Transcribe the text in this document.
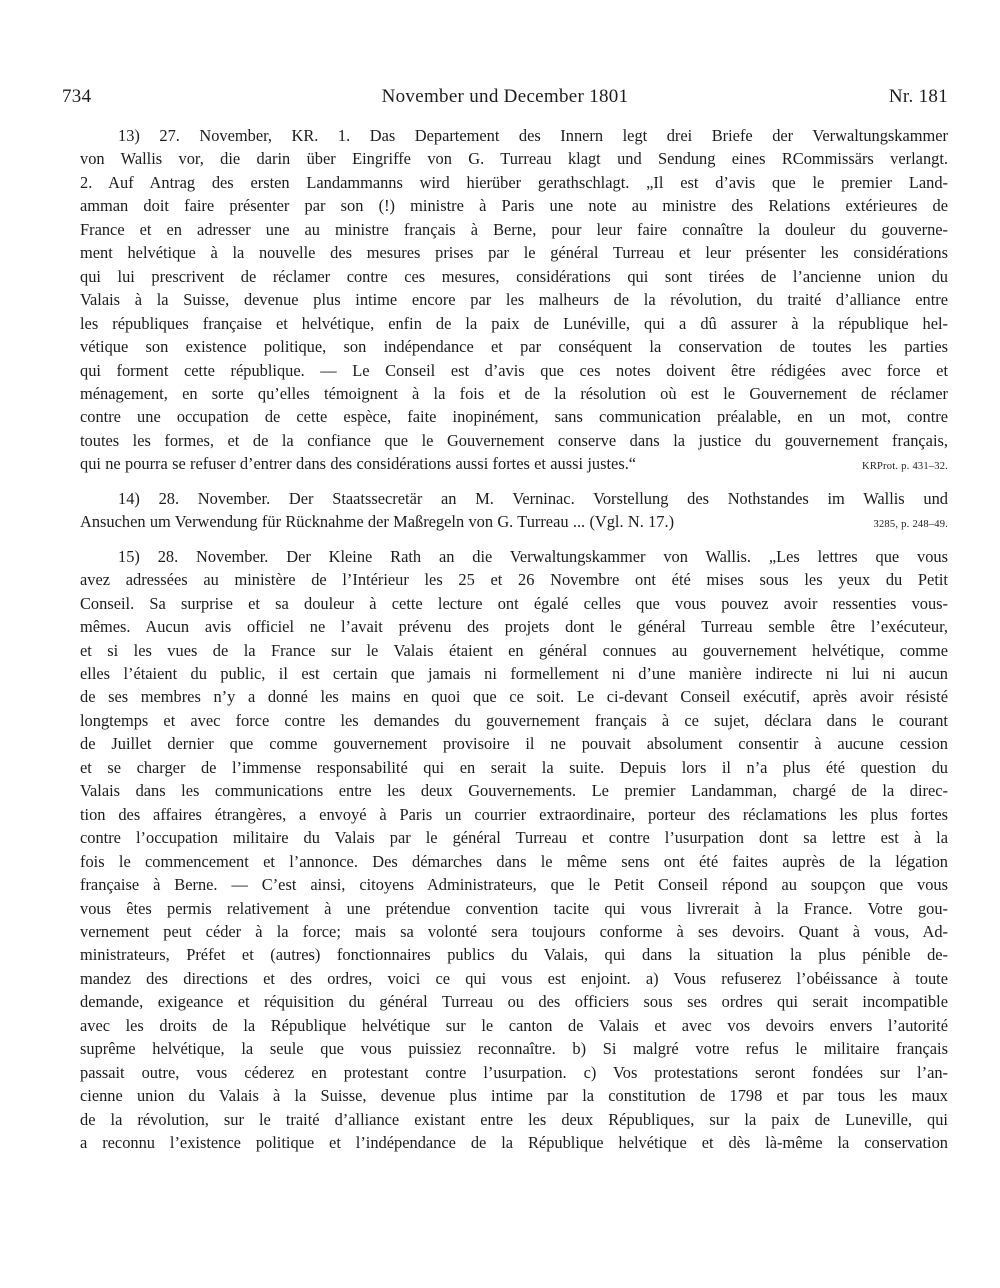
734	November und December 1801	Nr. 181
13) 27. November, KR. 1. Das Departement des Innern legt drei Briefe der Verwaltungskammer
von Wallis vor, die darin über Eingriffe von G. Turreau klagt und Sendung eines RCommissärs verlangt.
2. Auf Antrag des ersten Landammanns wird hierüber gerathschlagt. „Il est d’avis que le premier Land-
amman doit faire présenter par son (!) ministre à Paris une note au ministre des Relations extérieures de
France et en adresser une au ministre français à Berne, pour leur faire connaître la douleur du gouverne-
ment helvétique à la nouvelle des mesures prises par le général Turreau et leur présenter les considérations
qui lui prescrivent de réclamer contre ces mesures, considérations qui sont tirées de l’ancienne union du
Valais à la Suisse, devenue plus intime encore par les malheurs de la révolution, du traité d’alliance entre
les républiques française et helvétique, enfin de la paix de Lunéville, qui a dû assurer à la république hel-
vétique son existence politique, son indépendance et par conséquent la conservation de toutes les parties
qui forment cette république. — Le Conseil est d’avis que ces notes doivent être rédigées avec force et
ménagement, en sorte qu’elles témoignent à la fois et de la résolution où est le Gouvernement de réclamer
contre une occupation de cette espèce, faite inopinément, sans communication préalable, en un mot, contre
toutes les formes, et de la confiance que le Gouvernement conserve dans la justice du gouvernement français,
qui ne pourra se refuser d’entrer dans des considérations aussi fortes et aussi justes.“	KRProt. p. 431–32.
14) 28. November. Der Staatssecretär an M. Verninac. Vorstellung des Nothstandes im Wallis und
Ansuchen um Verwendung für Rücknahme der Maßregeln von G. Turreau ... (Vgl. N. 17.)	3285, p. 248–49.
15) 28. November. Der Kleine Rath an die Verwaltungskammer von Wallis. „Les lettres que vous
avez adressées au ministère de l’Intérieur les 25 et 26 Novembre ont été mises sous les yeux du Petit
Conseil. Sa surprise et sa douleur à cette lecture ont égalé celles que vous pouvez avoir ressenties vous-
mêmes. Aucun avis officiel ne l’avait prévenu des projets dont le général Turreau semble être l’exécuteur,
et si les vues de la France sur le Valais étaient en général connues au gouvernement helvétique, comme
elles l’étaient du public, il est certain que jamais ni formellement ni d’une manière indirecte ni lui ni aucun
de ses membres n’y a donné les mains en quoi que ce soit. Le ci-devant Conseil exécutif, après avoir résisté
longtemps et avec force contre les demandes du gouvernement français à ce sujet, déclara dans le courant
de Juillet dernier que comme gouvernement provisoire il ne pouvait absolument consentir à aucune cession
et se charger de l’immense responsabilité qui en serait la suite. Depuis lors il n’a plus été question du
Valais dans les communications entre les deux Gouvernements. Le premier Landamman, chargé de la direc-
tion des affaires étrangères, a envoyé à Paris un courrier extraordinaire, porteur des réclamations les plus fortes
contre l’occupation militaire du Valais par le général Turreau et contre l’usurpation dont sa lettre est à la
fois le commencement et l’annonce. Des démarches dans le même sens ont été faites auprès de la légation
française à Berne. — C’est ainsi, citoyens Administrateurs, que le Petit Conseil répond au soupçon que vous
vous êtes permis relativement à une prétendue convention tacite qui vous livrerait à la France. Votre gou-
vernement peut céder à la force; mais sa volonté sera toujours conforme à ses devoirs. Quant à vous, Ad-
ministrateurs, Préfet et (autres) fonctionnaires publics du Valais, qui dans la situation la plus pénible de-
mandez des directions et des ordres, voici ce qui vous est enjoint. a) Vous refuserez l’obéissance à toute
demande, exigeance et réquisition du général Turreau ou des officiers sous ses ordres qui serait incompatible
avec les droits de la République helvétique sur le canton de Valais et avec vos devoirs envers l’autorité
suprême helvétique, la seule que vous puissiez reconnaître. b) Si malgré votre refus le militaire français
passait outre, vous céderez en protestant contre l’usurpation. c) Vos protestations seront fondées sur l’an-
cienne union du Valais à la Suisse, devenue plus intime par la constitution de 1798 et par tous les maux
de la révolution, sur le traité d’alliance existant entre les deux Républiques, sur la paix de Luneville, qui
a reconnu l’existence politique et l’indépendance de la République helvétique et dès là-même la conservation
